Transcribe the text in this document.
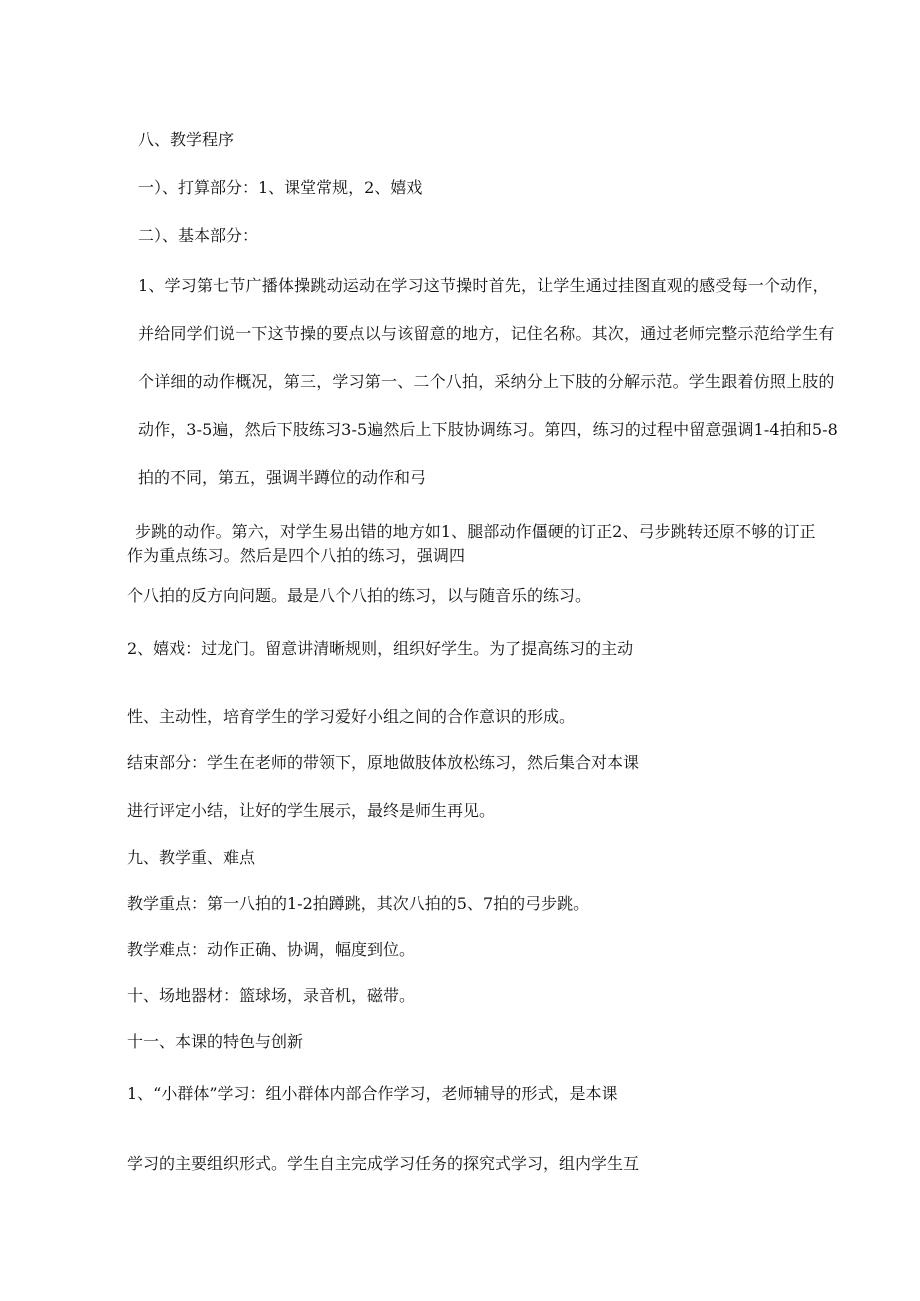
八、教学程序
一）、打算部分：1、课堂常规，2、嬉戏
二）、基本部分：
1、学习第七节广播体操跳动运动在学习这节操时首先，让学生通过挂图直观的感受每一个动作，
并给同学们说一下这节操的要点以与该留意的地方，记住名称。其次，通过老师完整示范给学生有
个详细的动作概况，第三，学习第一、二个八拍，采纳分上下肢的分解示范。学生跟着仿照上肢的
动作，3-5遍，然后下肢练习3-5遍然后上下肢协调练习。第四，练习的过程中留意强调1-4拍和5-8
拍的不同，第五，强调半蹲位的动作和弓
步跳的动作。第六，对学生易出错的地方如1、腿部动作僵硬的订正2、弓步跳转还原不够的订正
作为重点练习。然后是四个八拍的练习，强调四
个八拍的反方向问题。最是八个八拍的练习，以与随音乐的练习。
2、嬉戏：过龙门。留意讲清晰规则，组织好学生。为了提高练习的主动
性、主动性，培育学生的学习爱好小组之间的合作意识的形成。
结束部分：学生在老师的带领下，原地做肢体放松练习，然后集合对本课
进行评定小结，让好的学生展示，最终是师生再见。
九、教学重、难点
教学重点：第一八拍的1-2拍蹲跳，其次八拍的5、7拍的弓步跳。
教学难点：动作正确、协调，幅度到位。
十、场地器材：篮球场，录音机，磁带。
十一、本课的特色与创新
1、“小群体”学习：组小群体内部合作学习，老师辅导的形式，是本课
学习的主要组织形式。学生自主完成学习任务的探究式学习，组内学生互
